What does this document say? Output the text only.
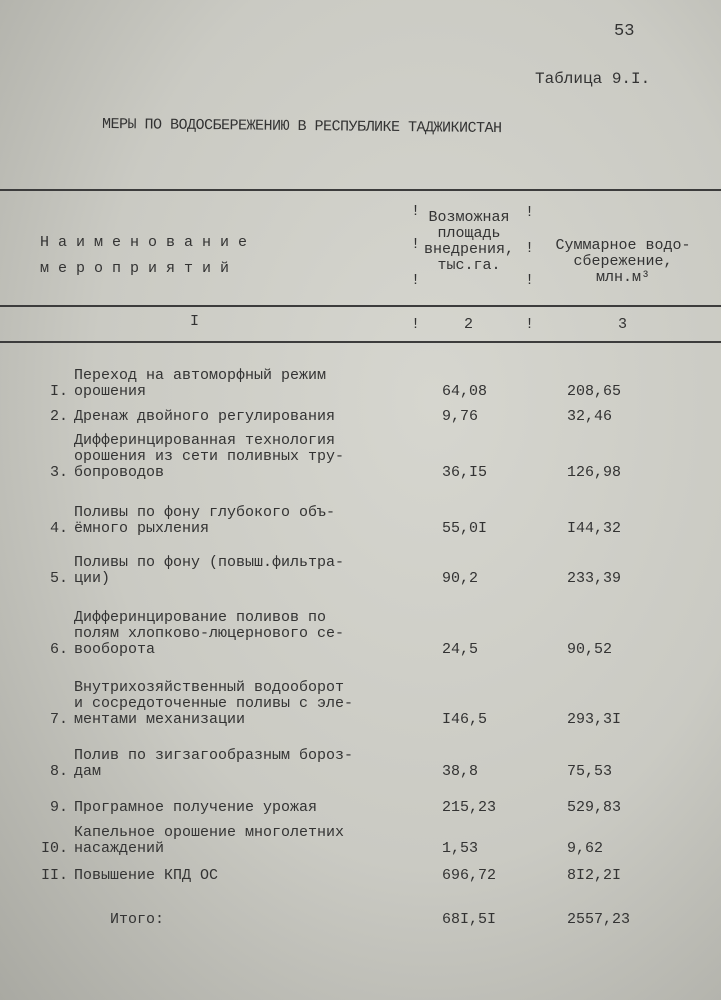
53
Таблица 9.I.
МЕРЫ ПО ВОДОСБЕРЕЖЕНИЮ В РЕСПУБЛИКЕ ТАДЖИКИСТАН
Н а и м е н о в а н и е
м е р о п р и я т и й
Возможная
площадь
внедрения,
тыс.га.
Суммарное водо-
сбережение,
млн.м³
!
!
!
!
!
!
I	!	2	!	3
I.
Переход на автоморфный режим
орошения	64,08	208,65
2. Дренаж двойного регулирования	9,76	32,46
3.
Дифферинцированная технология
орошения из сети поливных тру-
бопроводов	36,I5	126,98
4.
Поливы по фону глубокого объ-
ёмного рыхления	55,0I	I44,32
5.
Поливы по фону (повыш.фильтра-
ции)	90,2	233,39
6.
Дифферинцирование поливов по
полям хлопково-люцернового се-
вооборота	24,5	90,52
7.
Внутрихозяйственный водооборот
и сосредоточенные поливы с эле-
ментами механизации	I46,5	293,3I
8.
Полив по зигзагообразным бороз-
дам	38,8	75,53
9. Програмное получение урожая	215,23	529,83
I0.
Капельное орошение многолетних
насаждений	1,53	9,62
II. Повышение КПД ОС	696,72	8I2,2I
Итого:	68I,5I	2557,23
